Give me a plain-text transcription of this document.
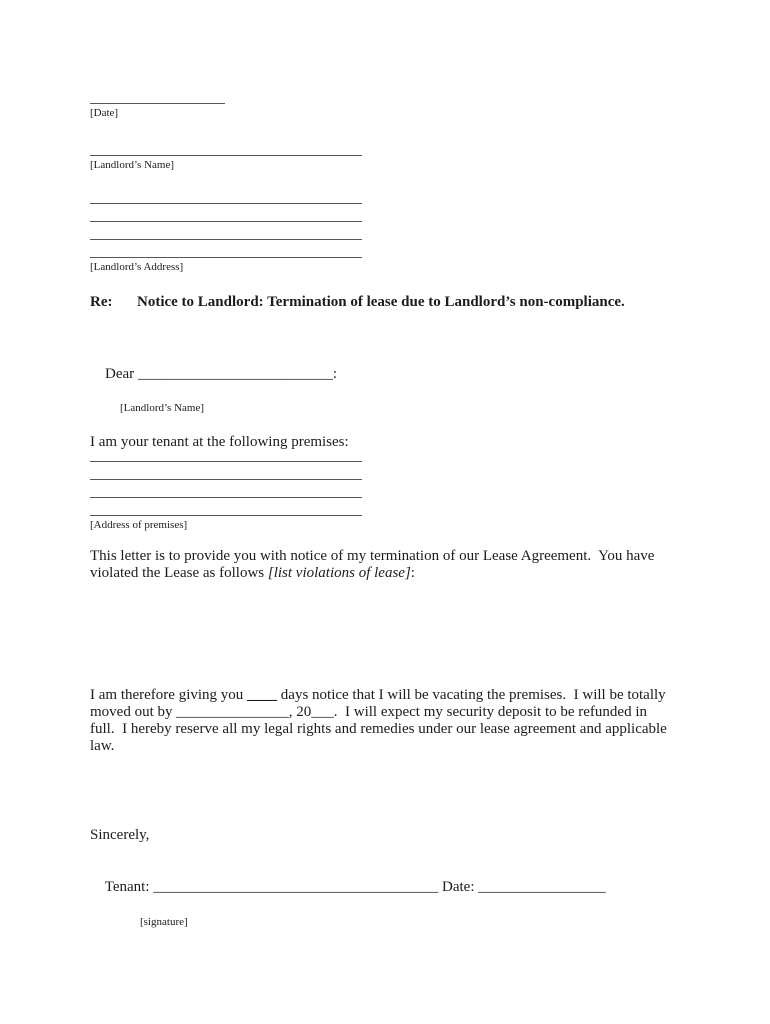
[Date]
[Landlord’s Name]
[Landlord’s Address]
Re:	Notice to Landlord: Termination of lease due to Landlord’s non-compliance.

Dear __________________________:

[Landlord’s Name]
I am your tenant at the following premises:
[Address of premises]
This letter is to provide you with notice of my termination of our Lease Agreement.  You have
violated the Lease as follows [list violations of lease]:
I am therefore giving you ____ days notice that I will be vacating the premises.  I will be totally
moved out by _______________, 20___.  I will expect my security deposit to be refunded in
full.  I hereby reserve all my legal rights and remedies under our lease agreement and applicable
law.
Sincerely,

Tenant: ______________________________________ Date: _________________

[signature]
